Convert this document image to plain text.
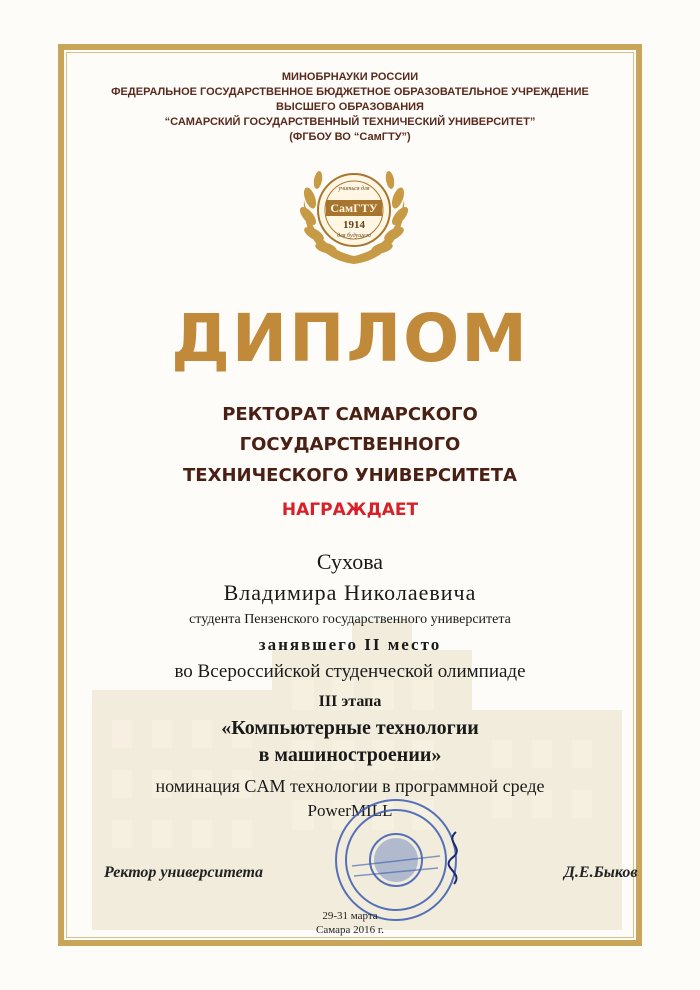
МИНОБРНАУКИ РОССИИ
ФЕДЕРАЛЬНОЕ ГОСУДАРСТВЕННОЕ БЮДЖЕТНОЕ ОБРАЗОВАТЕЛЬНОЕ УЧРЕЖДЕНИЕ
ВЫСШЕГО ОБРАЗОВАНИЯ
“САМАРСКИЙ ГОСУДАРСТВЕННЫЙ ТЕХНИЧЕСКИЙ УНИВЕРСИТЕТ”
(ФГБОУ ВО “СамГТУ”)
СамГТУ
1914
учиться для
для будущего
ДИПЛОМ
РЕКТОРАТ САМАРСКОГО
ГОСУДАРСТВЕННОГО
ТЕХНИЧЕСКОГО УНИВЕРСИТЕТА
НАГРАЖДАЕТ
Сухова
Владимира Николаевича
студента Пензенского государственного университета
занявшего II место
во Всероссийской студенческой олимпиаде
III этапа
«Компьютерные технологии
в машиностроении»
номинация CAM технологии в программной среде
PowerMILL
Ректор университета	Д.Е.Быков
29-31 марта
Самара 2016 г.
